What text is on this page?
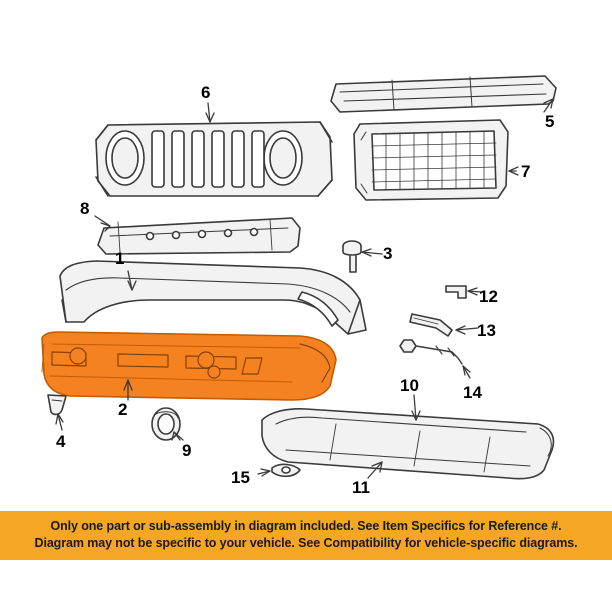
1
2
3
4
5
6
7
8
9
10
11
12
13
14
15
Only one part or sub-assembly in diagram included. See Item Specifics for Reference #.
Diagram may not be specific to your vehicle. See Compatibility for vehicle-specific diagrams.
